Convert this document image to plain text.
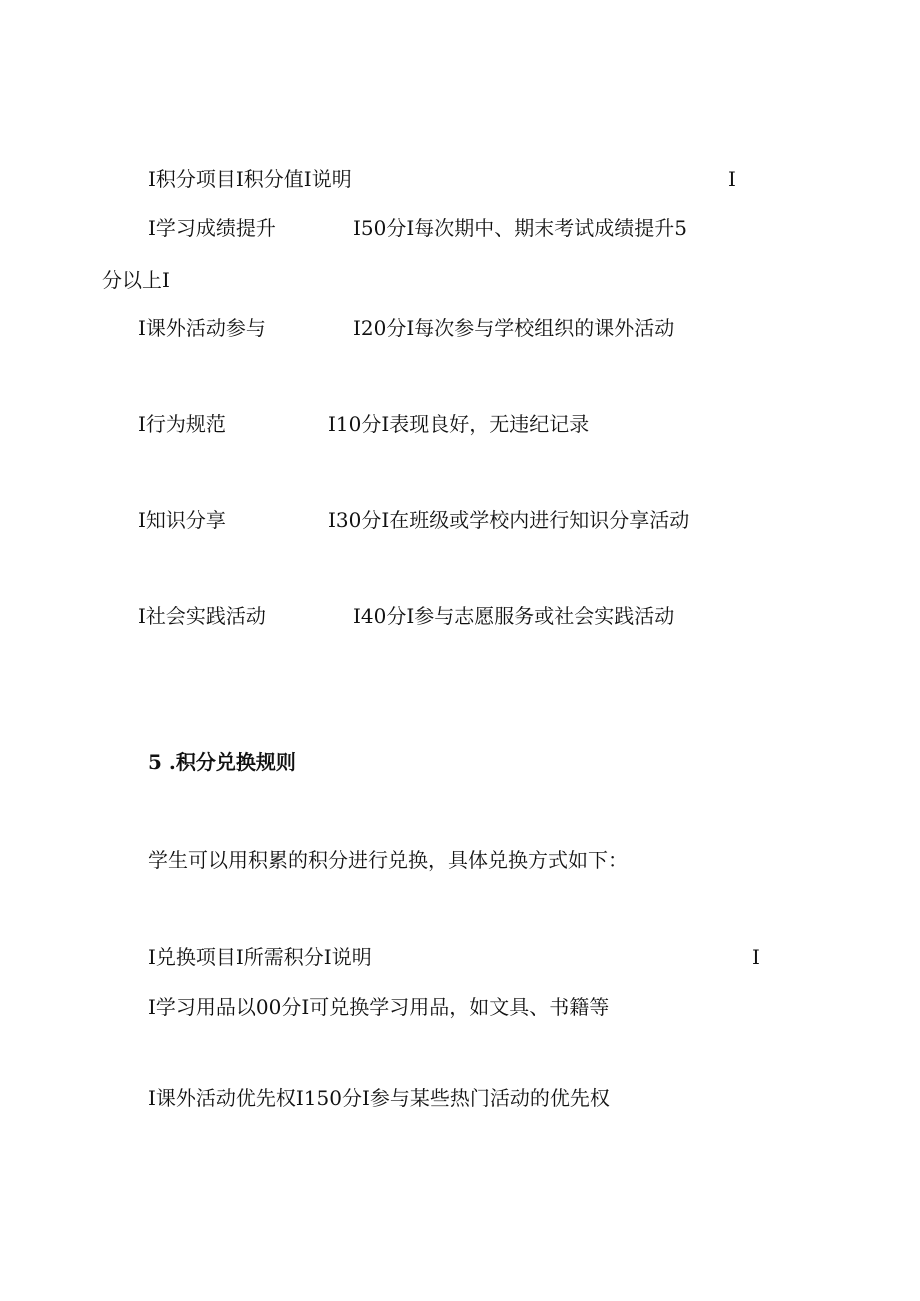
I积分项目I积分值I说明	I

I学习成绩提升	I50分I每次期中、期末考试成绩提升5

分以上I

I课外活动参与	I20分I每次参与学校组织的课外活动

I行为规范	I10分I表现良好，无违纪记录

I知识分享	I30分I在班级或学校内进行知识分享活动

I社会实践活动	I40分I参与志愿服务或社会实践活动

5 .积分兑换规则

学生可以用积累的积分进行兑换，具体兑换方式如下：

I兑换项目I所需积分I说明	I

I学习用品以00分I可兑换学习用品，如文具、书籍等

I课外活动优先权I150分I参与某些热门活动的优先权
